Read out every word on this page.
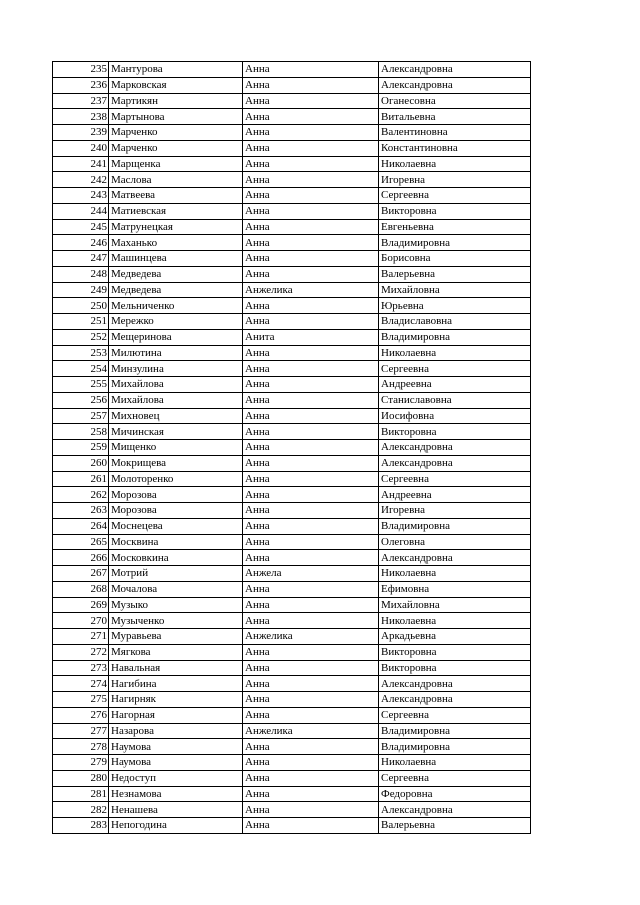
235	Мантурова	Анна	Александровна
236	Марковская	Анна	Александровна
237	Мартикян	Анна	Оганесовна
238	Мартынова	Анна	Витальевна
239	Марченко	Анна	Валентиновна
240	Марченко	Анна	Константиновна
241	Марщенка	Анна	Николаевна
242	Маслова	Анна	Игоревна
243	Матвеева	Анна	Сергеевна
244	Матиевская	Анна	Викторовна
245	Матрунецкая	Анна	Евгеньевна
246	Маханько	Анна	Владимировна
247	Машинцева	Анна	Борисовна
248	Медведева	Анна	Валерьевна
249	Медведева	Анжелика	Михайловна
250	Мельниченко	Анна	Юрьевна
251	Мережко	Анна	Владиславовна
252	Мещеринова	Анита	Владимировна
253	Милютина	Анна	Николаевна
254	Минзулина	Анна	Сергеевна
255	Михайлова	Анна	Андреевна
256	Михайлова	Анна	Станиславовна
257	Михновец	Анна	Иосифовна
258	Мичинская	Анна	Викторовна
259	Мищенко	Анна	Александровна
260	Мокрищева	Анна	Александровна
261	Молоторенко	Анна	Сергеевна
262	Морозова	Анна	Андреевна
263	Морозова	Анна	Игоревна
264	Моснецева	Анна	Владимировна
265	Москвина	Анна	Олеговна
266	Московкина	Анна	Александровна
267	Мотрий	Анжела	Николаевна
268	Мочалова	Анна	Ефимовна
269	Музыко	Анна	Михайловна
270	Музыченко	Анна	Николаевна
271	Муравьева	Анжелика	Аркадьевна
272	Мягкова	Анна	Викторовна
273	Навальная	Анна	Викторовна
274	Нагибина	Анна	Александровна
275	Нагирняк	Анна	Александровна
276	Нагорная	Анна	Сергеевна
277	Назарова	Анжелика	Владимировна
278	Наумова	Анна	Владимировна
279	Наумова	Анна	Николаевна
280	Недоступ	Анна	Сергеевна
281	Незнамова	Анна	Федоровна
282	Ненашева	Анна	Александровна
283	Непогодина	Анна	Валерьевна
